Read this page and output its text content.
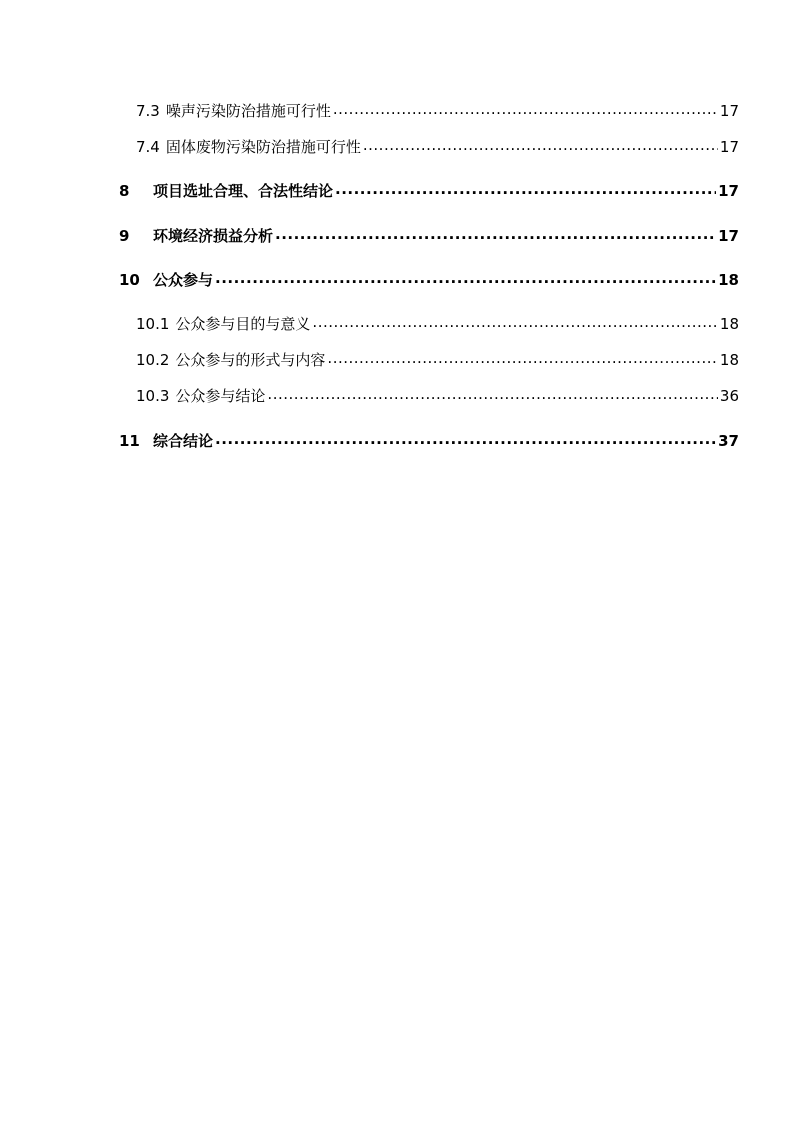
7.3 噪声污染防治措施可行性 .....	17
7.4 固体废物污染防治措施可行性 .....	17
8	项目选址合理、合法性结论 .....	17
9	环境经济损益分析 .....	17
10 公众参与 .....	18
10.1 公众参与目的与意义 .....	18
10.2 公众参与的形式与内容 .....	18
10.3 公众参与结论 .....	36
11 综合结论 .....	37
